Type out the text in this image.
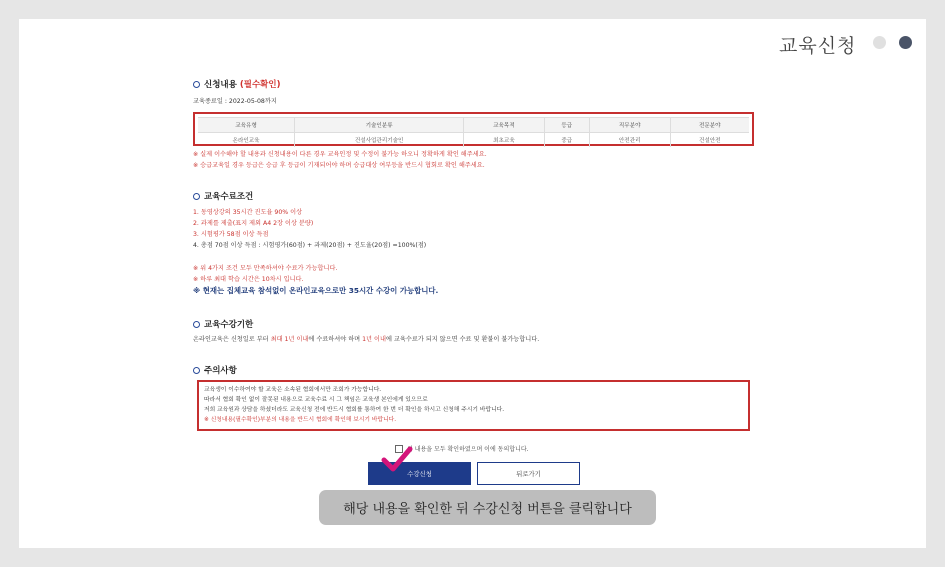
교육신청
신청내용 (필수확인)
교육종료일 : 2022-05-08까지
교육유형	기술인분류	교육목적	등급	직무분야	전문분야
온라인교육	건설사업관리기술인	최초교육	중급	안전관리	건설안전
※ 실제 이수해야 할 내용과 신청내용이 다른 경우 교육인정 및 수정이 불가능 하오니 정확하게 확인 해주세요.
※ 승급교육일 경우 등급은 승급 후 등급이 기재되어야 하며 승급대상 여부등을 반드시 협회로 확인 해주세요.
교육수료조건
1. 동영상강의 35시간 진도율 90% 이상
2. 과제를 제출(표지 제외 A4 2장 이상 분량)
3. 시험평가 58점 이상 득점
4. 총점 70점 이상 득점 : 시험평가(60점) + 과제(20점) + 진도율(20점) =100%(점)
※ 위 4가지 조건 모두 만족하셔야 수료가 가능합니다.
※ 하루 최대 학습 시간은 10차시 입니다.
※ 현재는 집체교육 참석없이 온라인교육으로만 35시간 수강이 가능합니다.
교육수강기한
온라인교육은 신청일로 부터 최대 1년 이내에 수료하셔야 하며 1년 이내에 교육수료가 되지 않으면 수료 및 환불이 불가능합니다.
주의사항
교육생이 이수하여야 할 교육은 소속된 협회에서만 조회가 가능합니다.
따라서 협회 확인 없이 잘못된 내용으로 교육수료 시 그 책임은 교육생 본인에게 있으므로
저희 교육원과 상담을 하셨더라도 교육신청 전에 반드시 협회를 통하여 한 번 더 확인을 하시고 신청해 주시기 바랍니다.
※ 신청내용(필수확인)부분의 내용을 반드시 협회에 확인해 보시기 바랍니다.
위 내용을 모두 확인하였으며 이에 동의합니다.
수강신청	뒤로가기
해당 내용을 확인한 뒤 수강신청 버튼을 클릭합니다
